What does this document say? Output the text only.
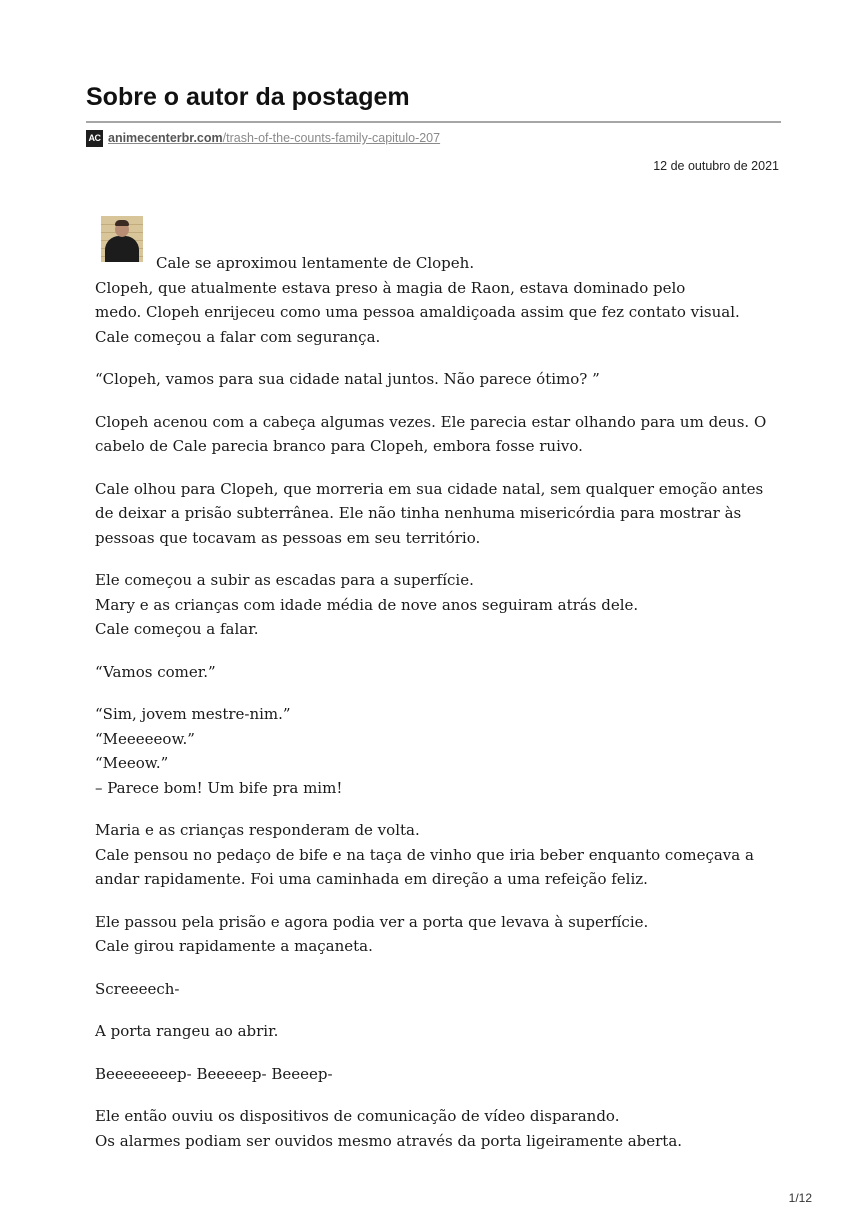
Sobre o autor da postagem
AC animecenterbr.com/trash-of-the-counts-family-capitulo-207
12 de outubro de 2021

Cale se aproximou lentamente de Clopeh.
Clopeh, que atualmente estava preso à magia de Raon, estava dominado pelo
medo. Clopeh enrijeceu como uma pessoa amaldiçoada assim que fez contato visual.
Cale começou a falar com segurança.

“Clopeh, vamos para sua cidade natal juntos. Não parece ótimo? ”

Clopeh acenou com a cabeça algumas vezes. Ele parecia estar olhando para um deus. O
cabelo de Cale parecia branco para Clopeh, embora fosse ruivo.

Cale olhou para Clopeh, que morreria em sua cidade natal, sem qualquer emoção antes
de deixar a prisão subterrânea. Ele não tinha nenhuma misericórdia para mostrar às
pessoas que tocavam as pessoas em seu território.

Ele começou a subir as escadas para a superfície.
Mary e as crianças com idade média de nove anos seguiram atrás dele.
Cale começou a falar.

“Vamos comer.”

“Sim, jovem mestre-nim.”
“Meeeeeow.”
“Meeow.”
– Parece bom! Um bife pra mim!

Maria e as crianças responderam de volta.
Cale pensou no pedaço de bife e na taça de vinho que iria beber enquanto começava a
andar rapidamente. Foi uma caminhada em direção a uma refeição feliz.

Ele passou pela prisão e agora podia ver a porta que levava à superfície.
Cale girou rapidamente a maçaneta.

Screeeech-

A porta rangeu ao abrir.

Beeeeeeeep- Beeeeep- Beeeep-

Ele então ouviu os dispositivos de comunicação de vídeo disparando.
Os alarmes podiam ser ouvidos mesmo através da porta ligeiramente aberta.

1/12
